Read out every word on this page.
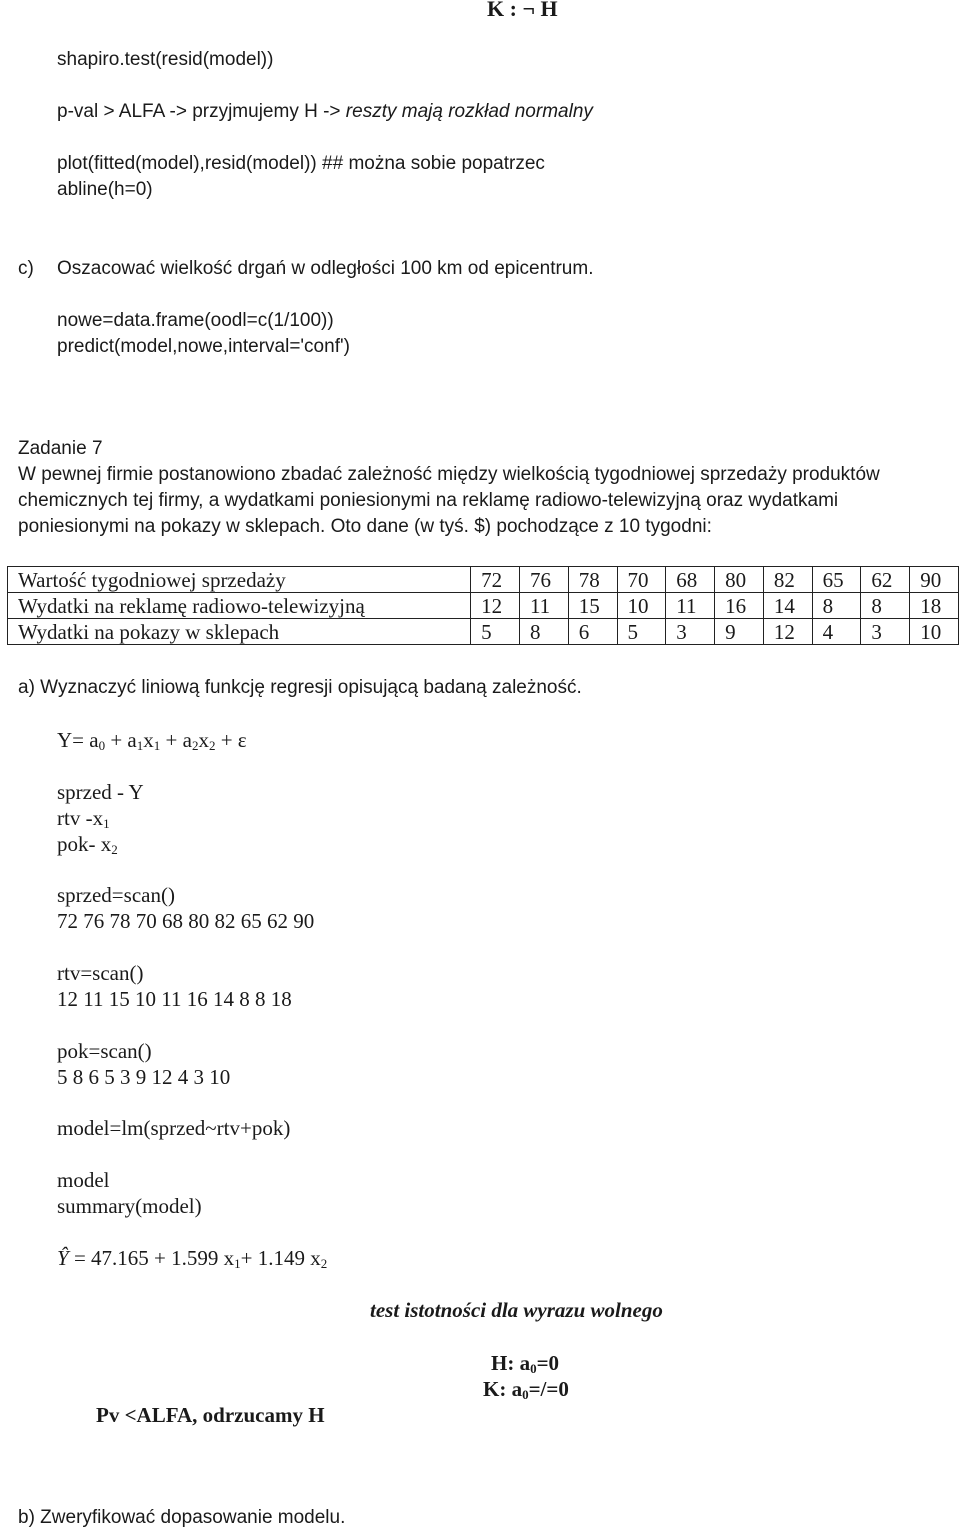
K : ¬ H
shapiro.test(resid(model))
p-val > ALFA -> przyjmujemy H -> reszty mają rozkład normalny
plot(fitted(model),resid(model)) ## można sobie popatrzec
abline(h=0)
c) Oszacować wielkość drgań w odległości 100 km od epicentrum.
nowe=data.frame(oodl=c(1/100))
predict(model,nowe,interval='conf')
Zadanie 7
W pewnej firmie postanowiono zbadać zależność między wielkością tygodniowej sprzedaży produktów
chemicznych tej firmy, a wydatkami poniesionymi na reklamę radiowo-telewizyjną oraz wydatkami
poniesionymi na pokazy w sklepach. Oto dane (w tyś. $) pochodzące z 10 tygodni:
Wartość tygodniowej sprzedaży	72	76	78	70	68	80	82	65	62	90
Wydatki na reklamę radiowo-telewizyjną	12	11	15	10	11	16	14	8	8	18
Wydatki na pokazy w sklepach	5	8	6	5	3	9	12	4	3	10
a) Wyznaczyć liniową funkcję regresji opisującą badaną zależność.
$Y= a_0 + a_1x_1 + a_2x_2 + \varepsilon$
sprzed - Y
rtv $-x_1$
pok- $x_2$
sprzed=scan()
72 76 78 70 68 80 82 65 62 90
rtv=scan()
12 11 15 10 11 16 14 8 8 18
pok=scan()
5 8 6 5 3 9 12 4 3 10
model=lm(sprzed~rtv+pok)
model
summary(model)
Ŷ = 47.165 + 1.599 $x_1+ 1.149$ $x_2$
test istotności dla wyrazu wolnego
H: $a_0=0$
K: $a_0=/=0$
Pv <ALFA, odrzucamy H
b) Zweryfikować dopasowanie modelu.
